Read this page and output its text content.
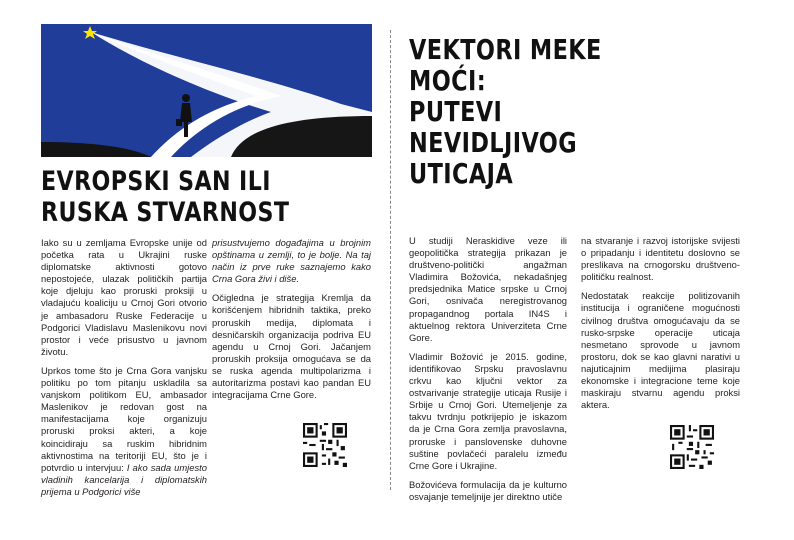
EVROPSKI SAN ILI
RUSKA STVARNOST

Iako su u zemljama Evropske unije od početka rata u Ukrajini ruske diplomatske aktivnosti gotovo nepostojeće, ulazak političkih partija koje djeluju kao proruski proksiji u vladajuću koaliciju u Crnoj Gori otvorio je ambasadoru Ruske Federacije u Podgorici Vladislavu Maslenikovu novi prostor i veće prisustvo u javnom životu.

Uprkos tome što je Crna Gora vanjsku politiku po tom pitanju uskladila sa vanjskom politikom EU, ambasador Maslenikov je redovan gost na manifestacijama koje organizuju proruski proksi akteri, a koje koincidiraju sa ruskim hibridnim aktivnostima na teritoriji EU, što je i potvrdio u intervjuu: I ako sada umjesto vladinih kancelarija i diplomatskih prijema u Podgorici više

prisustvujemo događajima u brojnim opštinama u zemlji, to je bolje. Na taj način iz prve ruke saznajemo kako Crna Gora živi i diše.

Očigledna je strategija Kremlja da korišćenjem hibridnih taktika, preko proruskih medija, diplomata i desničarskih organizacija podriva EU agendu u Crnoj Gori. Jačanjem proruskih proksija omogućava se da se ruska agenda multipolarizma i autoritarizma postavi kao pandan EU integracijama Crne Gore.

VEKTORI MEKE MOĆI:
PUTEVI NEVIDLJIVOG
UTICAJA

U studiji Neraskidive veze ili geopolitička strategija prikazan je društveno-politički angažman Vladimira Božovića, nekadašnjeg predsjednika Matice srpske u Crnoj Gori, osnivača neregistrovanog propagandnog portala IN4S i aktuelnog rektora Univerziteta Crne Gore.

Vladimir Božović je 2015. godine, identifikovao Srpsku pravoslavnu crkvu kao ključni vektor za ostvarivanje strategije uticaja Rusije i Srbije u Crnoj Gori. Utemeljenje za takvu tvrdnju potkrijepio je iskazom da je Crna Gora zemlja pravoslavna, proruske i panslovenske duhovne suštine povlačeći paralelu između Crne Gore i Ukrajine.

Božovićeva formulacija da je kulturno osvajanje temeljnije jer direktno utiče

na stvaranje i razvoj istorijske svijesti o pripadanju i identitetu doslovno se preslikava na crnogorsku društveno-političku realnost.

Nedostatak reakcije politizovanih institucija i ograničene mogućnosti civilnog društva omogućavaju da se rusko-srpske operacije uticaja nesmetano sprovode u javnom prostoru, dok se kao glavni narativi u najuticajnim medijima plasiraju ekonomske i integracione teme koje maskiraju stvarnu agendu proksi aktera.
